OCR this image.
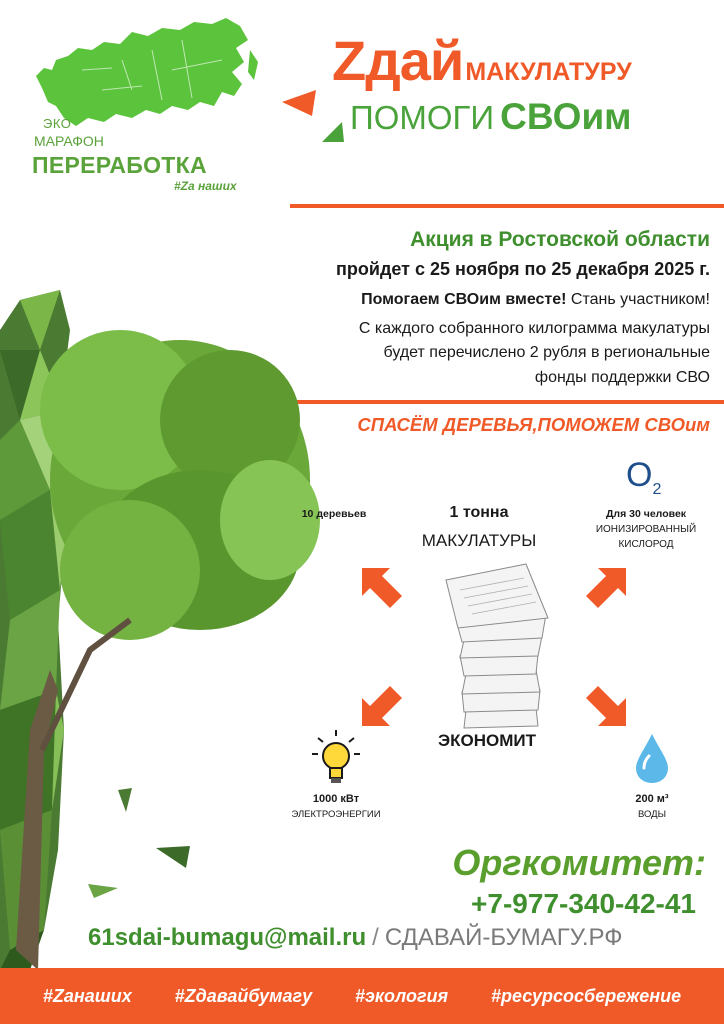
ЭКО
МАРАФОН
ПЕРЕРАБОТКА
#Zа наших
ZдайМАКУЛАТУРУ
ПОМОГИ СВОим
Акция в Ростовской области
пройдет с 25 ноября по 25 декабря 2025 г.
Помогаем СВОим вместе! Стань участником!
С каждого собранного килограмма макулатуры
будет перечислено 2 рубля в региональные
фонды поддержки СВО
СПАСЁМ ДЕРЕВЬЯ,ПОМОЖЕМ СВОим
10 деревьев	1 тонна
МАКУЛАТУРЫ
$O_2$
Для 30 человек
ИОНИЗИРОВАННЫЙ
КИСЛОРОД
ЭКОНОМИТ
1000 кВт
ЭЛЕКТРОЭНЕРГИИ
200 м³
ВОДЫ
Оргкомитет:
+7-977-340-42-41
61sdai-bumagu@mail.ru / СДАВАЙ-БУМАГУ.РФ
#Zанаших #Zдавайбумагу #экология #ресурсосбережение
